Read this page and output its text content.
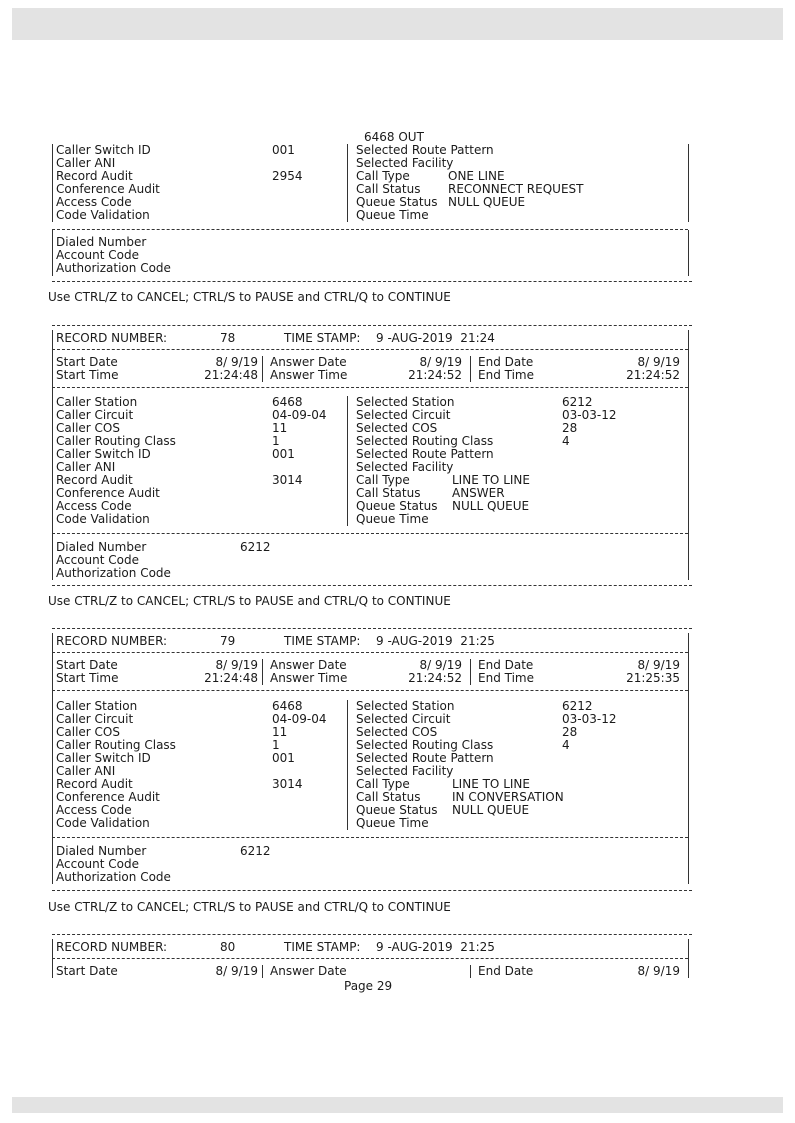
6468 OUT
Caller Switch ID	001	Selected Route Pattern
Caller ANI	Selected Facility
Record Audit	2954	Call Type	ONE LINE
Conference Audit	Call Status RECONNECT REQUEST
Access Code	Queue Status NULL QUEUE
Code Validation	Queue Time
Dialed Number
Account Code
Authorization Code
Use CTRL/Z to CANCEL; CTRL/S to PAUSE and CTRL/Q to CONTINUE
RECORD NUMBER:	78	TIME STAMP: 9 -AUG-2019  21:24
Start Date	8/ 9/19 Answer Date	8/ 9/19 End Date	8/ 9/19
Start Time	21:24:48 Answer Time	21:24:52 End Time	21:24:52
Caller Station	6468	Selected Station	6212
Caller Circuit	04-09-04 Selected Circuit	03-03-12
Caller COS	11	Selected COS	28
Caller Routing Class	1	Selected Routing Class	4
Caller Switch ID	001	Selected Route Pattern
Caller ANI	Selected Facility
Record Audit	3014	Call Type	LINE TO LINE
Conference Audit	Call Status	ANSWER
Access Code	Queue Status NULL QUEUE
Code Validation	Queue Time
Dialed Number	6212
Account Code
Authorization Code
Use CTRL/Z to CANCEL; CTRL/S to PAUSE and CTRL/Q to CONTINUE
RECORD NUMBER:	79	TIME STAMP: 9 -AUG-2019  21:25
Start Date	8/ 9/19 Answer Date	8/ 9/19 End Date	8/ 9/19
Start Time	21:24:48 Answer Time	21:24:52 End Time	21:25:35
Caller Station	6468	Selected Station	6212
Caller Circuit	04-09-04 Selected Circuit	03-03-12
Caller COS	11	Selected COS	28
Caller Routing Class	1	Selected Routing Class	4
Caller Switch ID	001	Selected Route Pattern
Caller ANI	Selected Facility
Record Audit	3014	Call Type	LINE TO LINE
Conference Audit	Call Status	IN CONVERSATION
Access Code	Queue Status NULL QUEUE
Code Validation	Queue Time
Dialed Number	6212
Account Code
Authorization Code
Use CTRL/Z to CANCEL; CTRL/S to PAUSE and CTRL/Q to CONTINUE
RECORD NUMBER:	80	TIME STAMP: 9 -AUG-2019  21:25
Start Date	8/ 9/19 Answer Date	End Date	8/ 9/19
Page 29
